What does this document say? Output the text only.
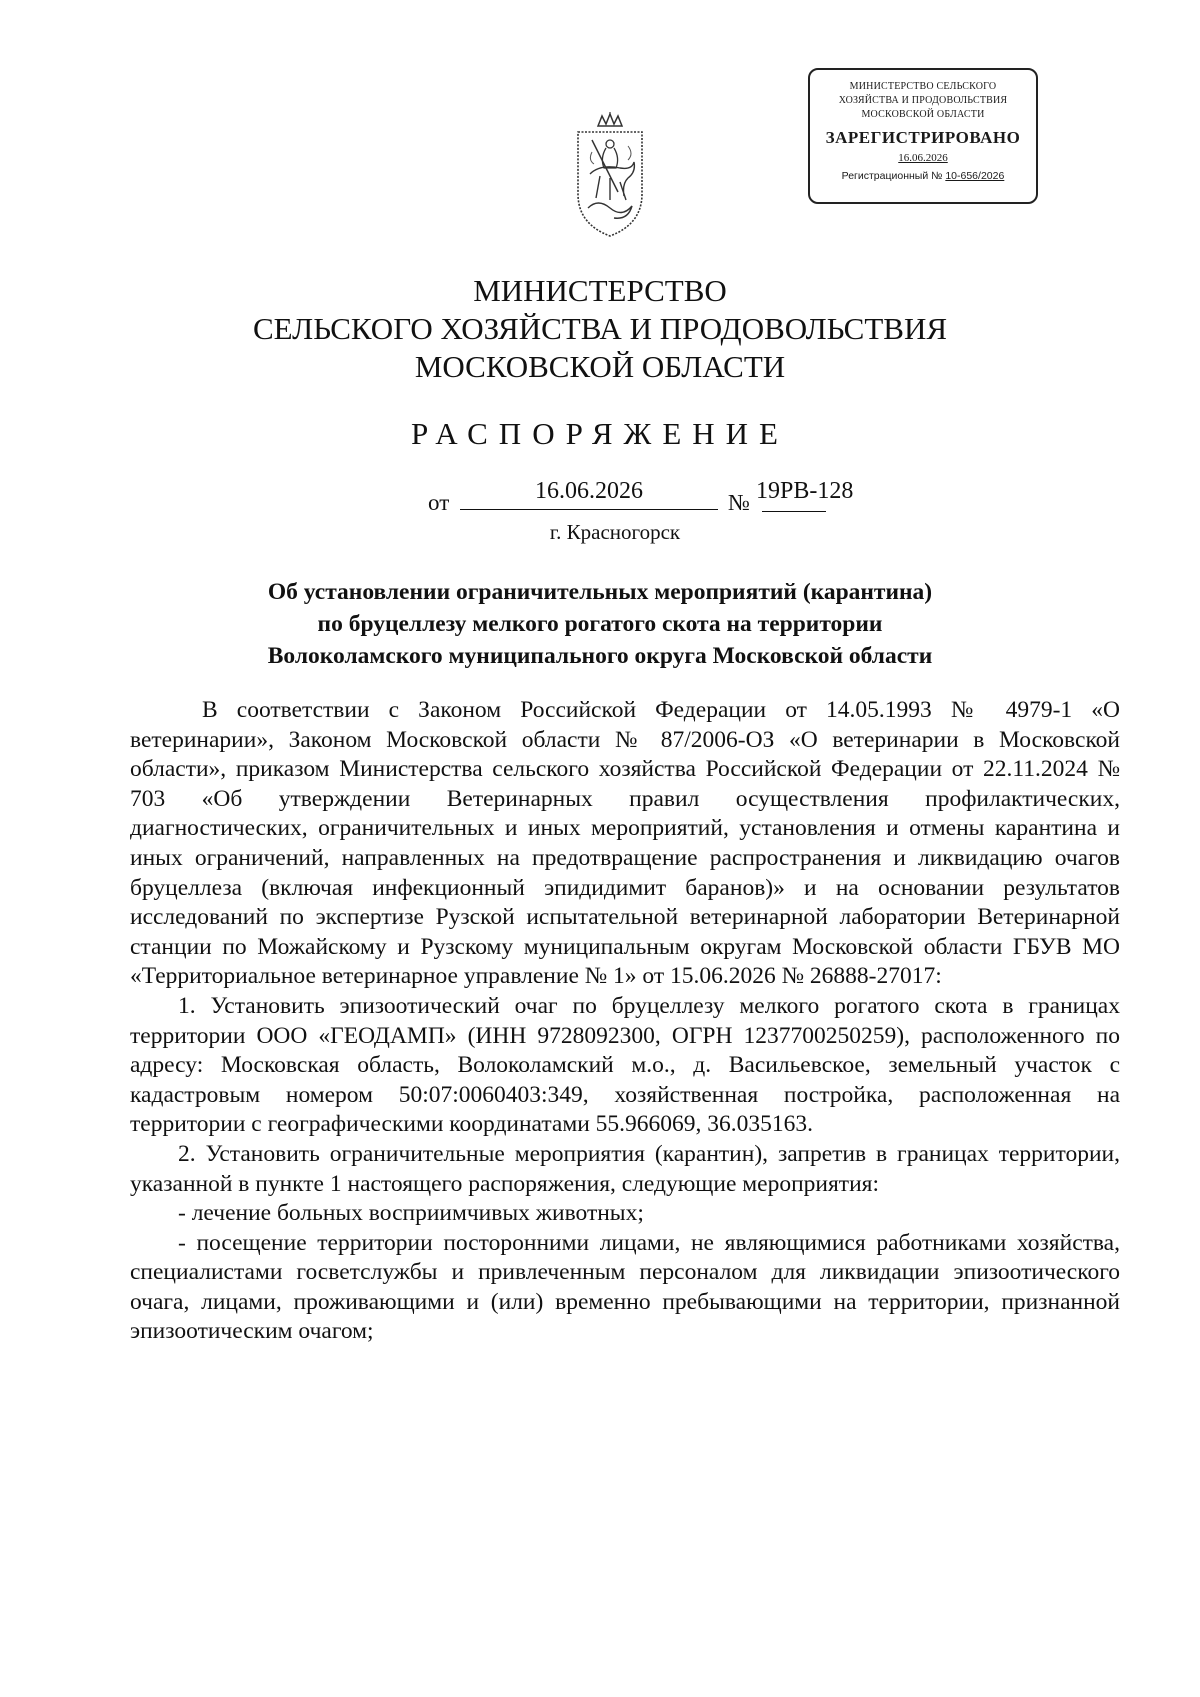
МИНИСТЕРСТВО СЕЛЬСКОГО
ХОЗЯЙСТВА И ПРОДОВОЛЬСТВИЯ
МОСКОВСКОЙ ОБЛАСТИ
ЗАРЕГИСТРИРОВАНО
16.06.2026
Регистрационный № 10-656/2026
МИНИСТЕРСТВО
СЕЛЬСКОГО ХОЗЯЙСТВА И ПРОДОВОЛЬСТВИЯ
МОСКОВСКОЙ ОБЛАСТИ
РАСПОРЯЖЕНИЕ
от	16.06.2026	№ 19РВ-128
г. Красногорск
Об установлении ограничительных мероприятий (карантина)
по бруцеллезу мелкого рогатого скота на территории
Волоколамского муниципального округа Московской области

В соответствии с Законом Российской Федерации от 14.05.1993 № 4979-1 «О ветеринарии», Законом Московской области № 87/2006-ОЗ «О ветеринарии в Московской области», приказом Министерства сельского хозяйства Российской Федерации от 22.11.2024 № 703 «Об утверждении Ветеринарных правил осуществления профилактических, диагностических, ограничительных и иных мероприятий, установления и отмены карантина и иных ограничений, направленных на предотвращение распространения и ликвидацию очагов бруцеллеза (включая инфекционный эпидидимит баранов)» и на основании результатов исследований по экспертизе Рузской испытательной ветеринарной лаборатории Ветеринарной станции по Можайскому и Рузскому муниципальным округам Московской области ГБУВ МО «Территориальное ветеринарное управление № 1» от 15.06.2026 № 26888-27017:

1. Установить эпизоотический очаг по бруцеллезу мелкого рогатого скота в границах территории ООО «ГЕОДАМП» (ИНН 9728092300, ОГРН 1237700250259), расположенного по адресу: Московская область, Волоколамский м.о., д. Васильевское, земельный участок с кадастровым номером 50:07:0060403:349, хозяйственная постройка, расположенная на территории с географическими координатами 55.966069, 36.035163.

2. Установить ограничительные мероприятия (карантин), запретив в границах территории, указанной в пункте 1 настоящего распоряжения, следующие мероприятия:

- лечение больных восприимчивых животных;

- посещение территории посторонними лицами, не являющимися работниками хозяйства, специалистами госветслужбы и привлеченным персоналом для ликвидации эпизоотического очага, лицами, проживающими и (или) временно пребывающими на территории, признанной эпизоотическим очагом;
